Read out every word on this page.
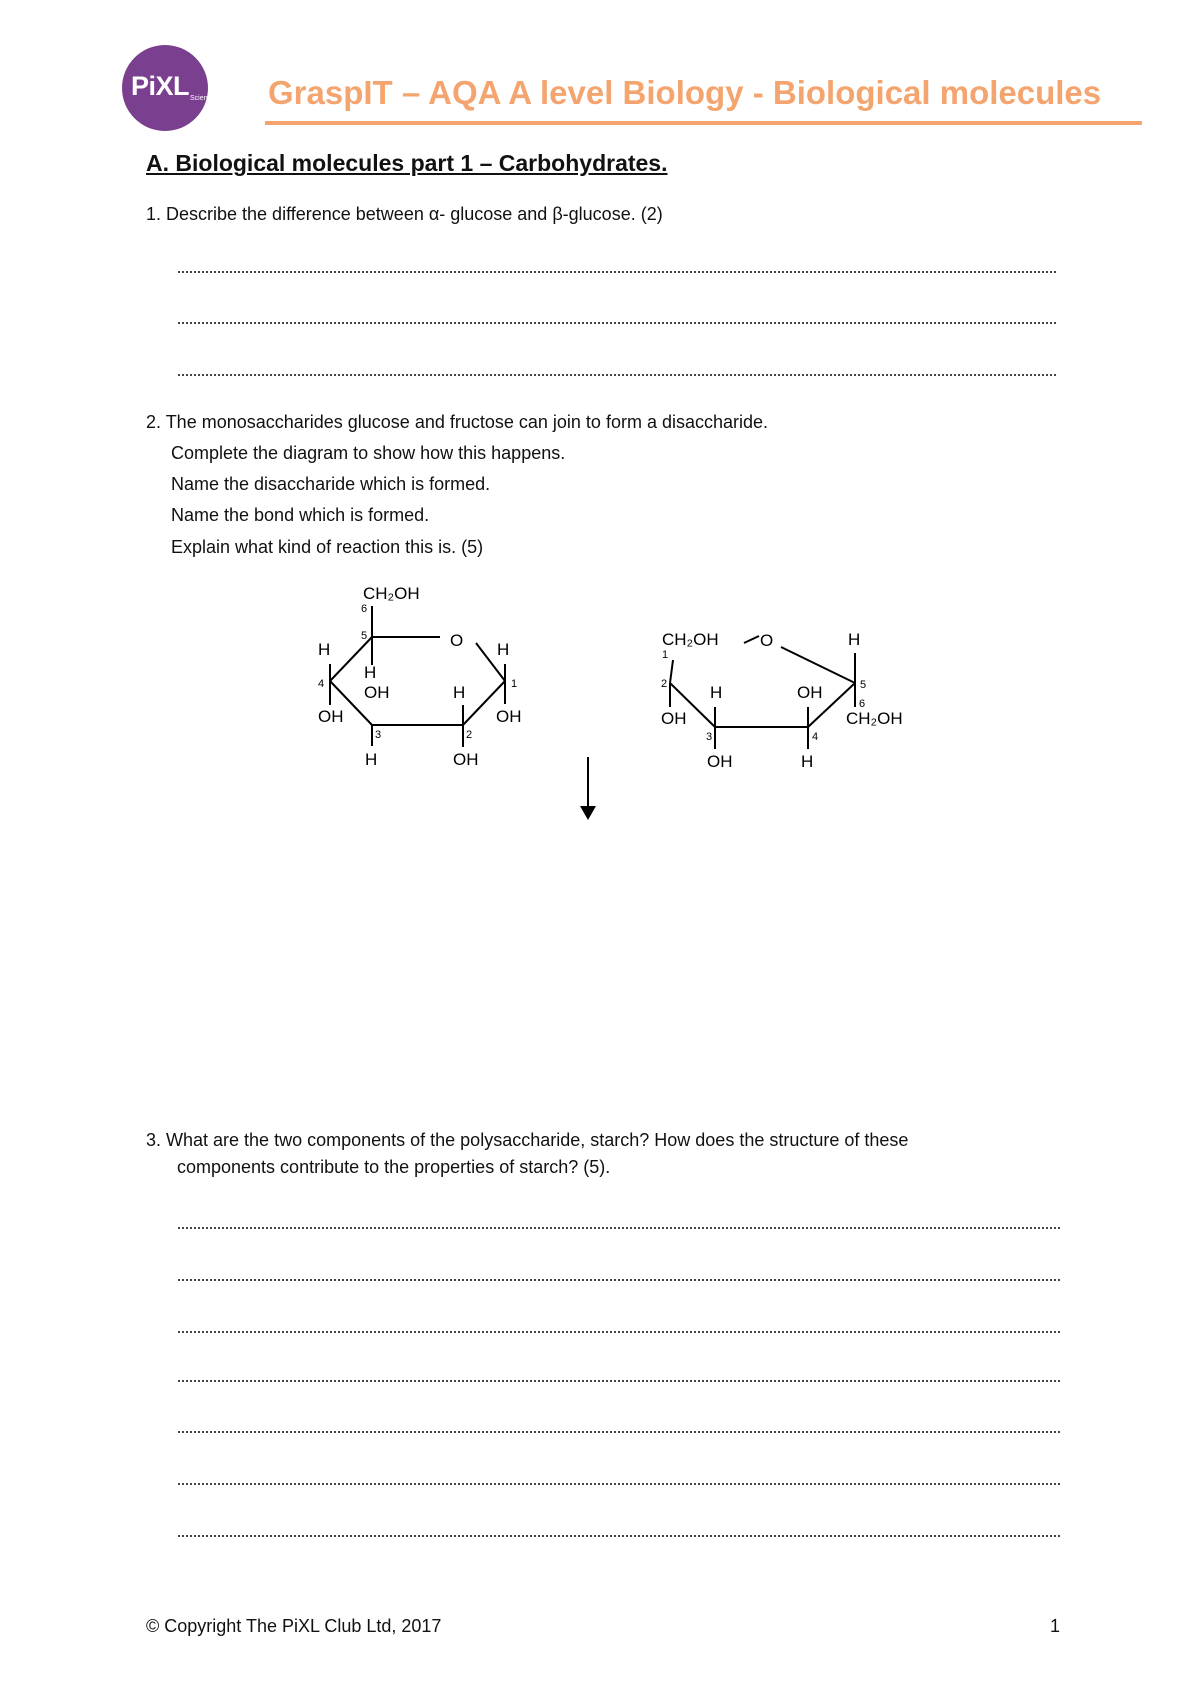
PiXL Science GraspIT – AQA A level Biology - Biological molecules
A. Biological molecules part 1 – Carbohydrates.
1. Describe the difference between α- glucose and β-glucose. (2)
2. The monosaccharides glucose and fructose can join to form a disaccharide.
Complete the diagram to show how this happens.
Name the disaccharide which is formed.
Name the bond which is formed.
Explain what kind of reaction this is. (5)
CH₂OH
O
H	H
H
OH	H
OH	OH
H	OH
CH₂OH O	H
H	OH
OH	CH₂OH
OH	H
6
5
4	1
3	2
1
2	5
6
3	4
3. What are the two components of the polysaccharide, starch? How does the structure of these
components contribute to the properties of starch? (5).
© Copyright The PiXL Club Ltd, 2017	1
